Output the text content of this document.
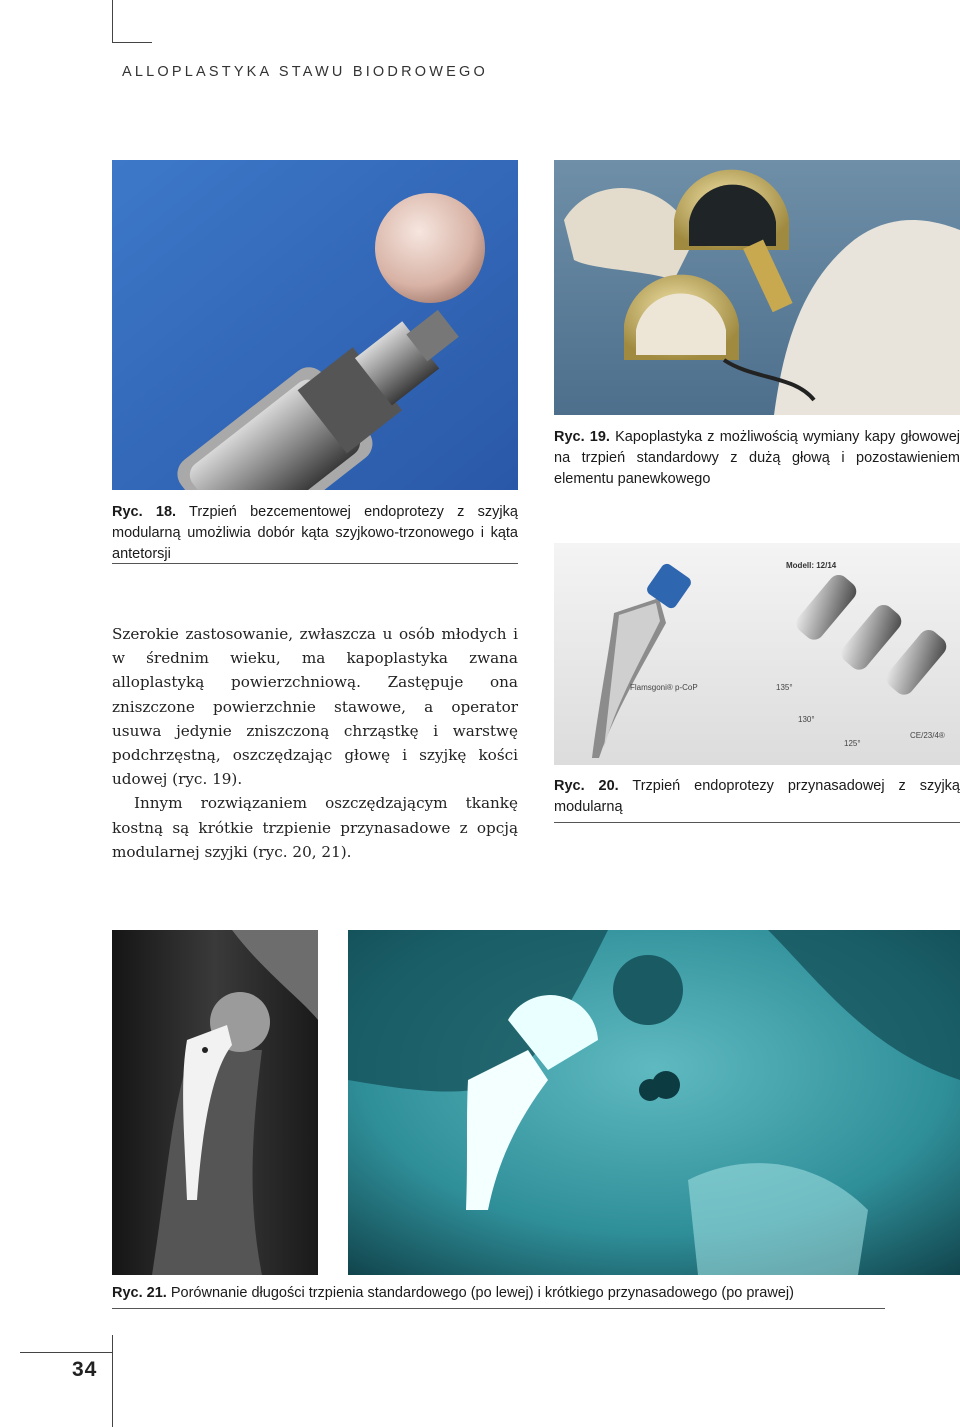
ALLOPLASTYKA STAWU BIODROWEGO
Ryc. 18. Trzpień bezcementowej endoprotezy z szyjką modularną umożliwia dobór kąta szyjkowo-trzonowego i kąta antetorsji
Ryc. 19. Kapoplastyka z możliwością wymiany kapy głowowej na trzpień standardowy z dużą głową i pozostawieniem elementu panewkowego
Modell: 12/14
Flamsgoni® p-CoP	135°
130°
125°
CE/23/4®
Ryc. 20. Trzpień endoprotezy przynasadowej z szyjką modularną

Szerokie zastosowanie, zwłaszcza u osób młodych i w średnim wieku, ma kapoplastyka zwana alloplastyką powierzchniową. Zastępuje ona zniszczone powierzchnie stawowe, a operator usuwa jedynie zniszczoną chrząstkę i warstwę podchrzęstną, oszczędzając głowę i szyjkę kości udowej (ryc. 19).

Innym rozwiązaniem oszczędzającym tkankę kostną są krótkie trzpienie przynasadowe z opcją modularnej szyjki (ryc. 20, 21).

Ryc. 21. Porównanie długości trzpienia standardowego (po lewej) i krótkiego przynasadowego (po prawej)
34
